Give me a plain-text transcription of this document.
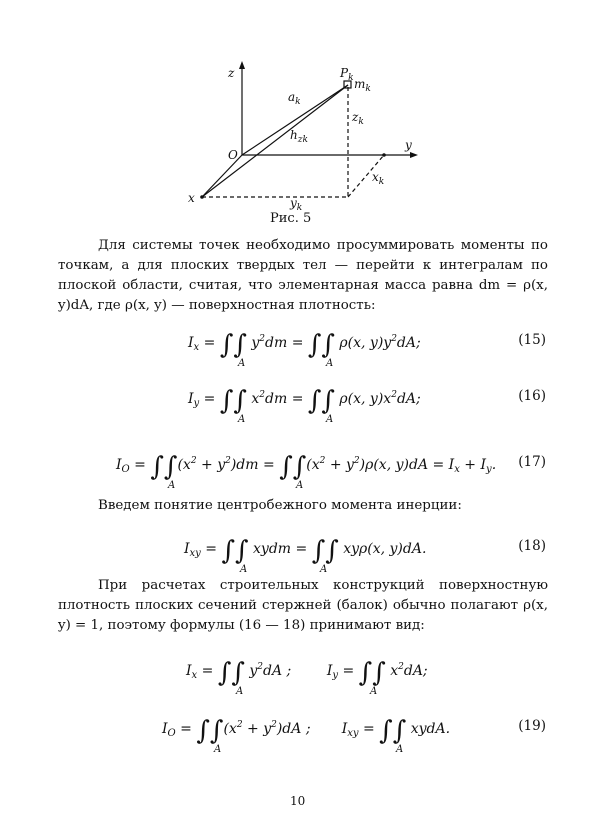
z
y
x
O
$P_k$ $m_k$
$a_k$
$h_{zk}$
$z_k$
$x_k$
$y_k$
Рис. 5
Для системы точек необходимо просуммировать моменты по точкам, а для плоских твердых тел — перейти к интегралам по плоской области, считая, что элементарная масса равна dm = ρ(x, y)dA, где ρ(x, y) — поверхностная плотность:
$I_x$ = ∫∫ $y^2dm$ = ∫∫ ρ(x, $y)y^2dA$;
A	A
(15)
$I_y$ = ∫∫ $x^2dm$ = ∫∫ ρ(x, $y)x^2dA$;
A	A
(16)
$I_O = \int\int(x^2 + y^2)dm = \int\int(x^2 + y^2)\rho(x$, $y)dA = I_x + I_y$.
A	A
(17)
Введем понятие центробежного момента инерции:
$I_{xy}$ = ∫∫ xydm = ∫∫ xyρ(x, y)dA.
A	A
(18)
При расчетах строительных конструкций поверхностную плотность плоских сечений стержней (балок) обычно полагают ρ(x, y) = 1, поэтому формулы (16 — 18) принимают вид:
$I_x$ = ∫∫ $y^2dA$ ;        $I_y$ = ∫∫ $x^2dA$;
A	A
$I_O = \int\int(x^2 + y^2)dA$ ;       $I_{xy}$ = ∫∫ xydA.
A	A
(19)
10
